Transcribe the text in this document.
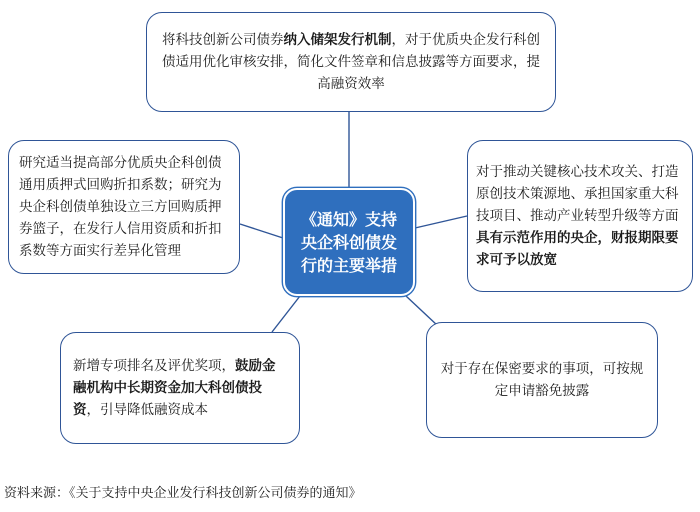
将科技创新公司债券纳入储架发行机制，对于优质央企发行科创债适用优化审核安排，简化文件签章和信息披露等方面要求，提高融资效率
研究适当提高部分优质央企科创债通用质押式回购折扣系数；研究为央企科创债单独设立三方回购质押券篮子，在发行人信用资质和折扣系数等方面实行差异化管理
对于推动关键核心技术攻关、打造原创技术策源地、承担国家重大科技项目、推动产业转型升级等方面具有示范作用的央企，财报期限要求可予以放宽
新增专项排名及评优奖项，鼓励金融机构中长期资金加大科创债投资，引导降低融资成本
对于存在保密要求的事项，可按规定申请豁免披露
《通知》支持
央企科创债发
行的主要举措
资料来源：《关于支持中央企业发行科技创新公司债券的通知》
